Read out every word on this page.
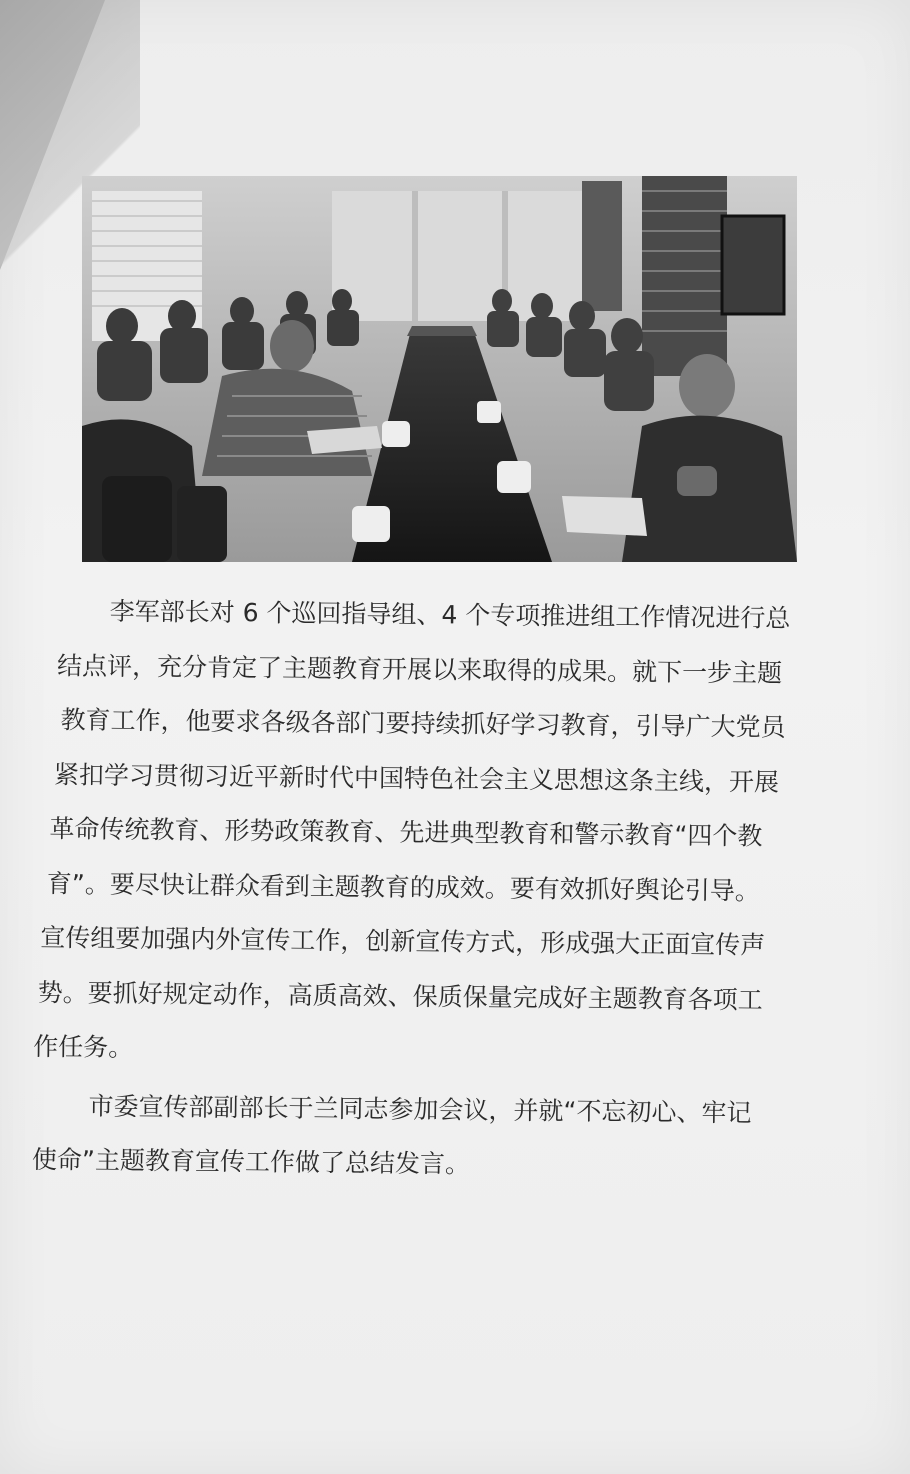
李军部长对 6 个巡回指导组、4 个专项推进组工作情况进行总
结点评，充分肯定了主题教育开展以来取得的成果。就下一步主题
教育工作，他要求各级各部门要持续抓好学习教育，引导广大党员
紧扣学习贯彻习近平新时代中国特色社会主义思想这条主线，开展
革命传统教育、形势政策教育、先进典型教育和警示教育“四个教
育”。要尽快让群众看到主题教育的成效。要有效抓好舆论引导。
宣传组要加强内外宣传工作，创新宣传方式，形成强大正面宣传声
势。要抓好规定动作，高质高效、保质保量完成好主题教育各项工
作任务。
市委宣传部副部长于兰同志参加会议，并就“不忘初心、牢记
使命”主题教育宣传工作做了总结发言。
